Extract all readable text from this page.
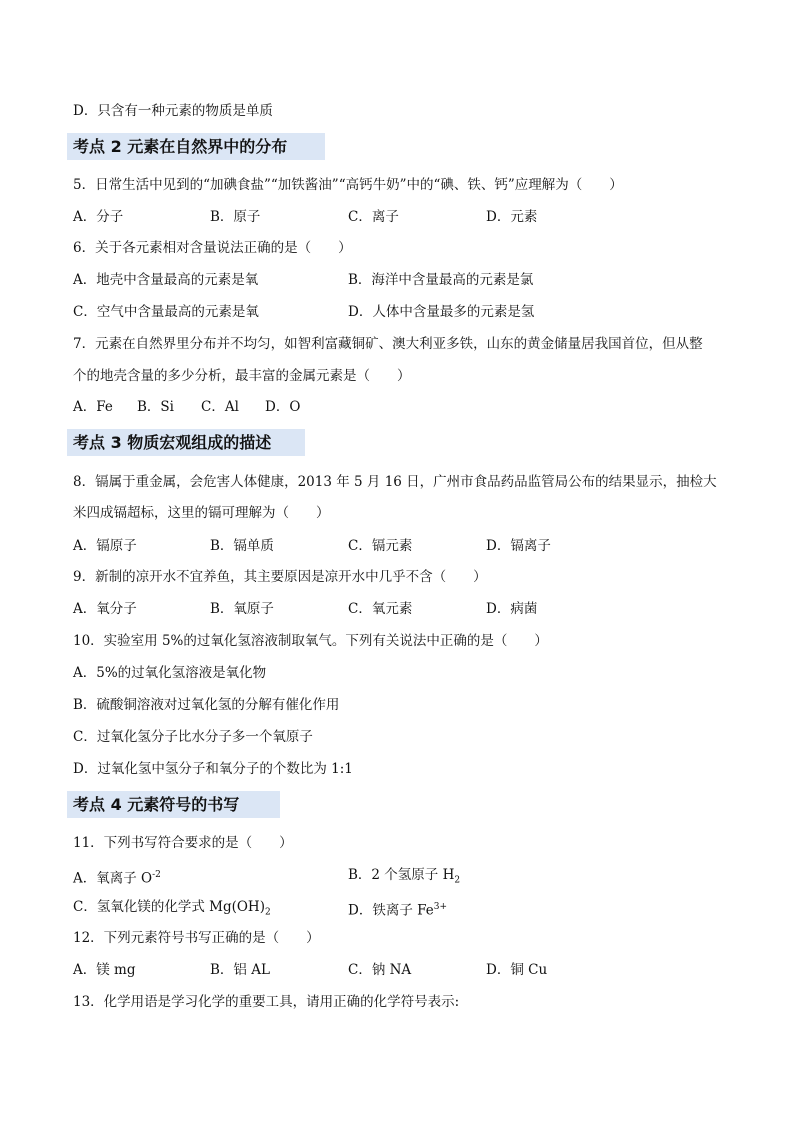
D．只含有一种元素的物质是单质
考点 2 元素在自然界中的分布
5．日常生活中见到的“加碘食盐”“加铁酱油”“高钙牛奶”中的“碘、铁、钙”应理解为（　　）
A．分子	B．原子	C．离子	D．元素
6．关于各元素相对含量说法正确的是（　　）
A．地壳中含量最高的元素是氧	B．海洋中含量最高的元素是氯
C．空气中含量最高的元素是氧	D．人体中含量最多的元素是氢
7．元素在自然界里分布并不均匀，如智利富藏铜矿、澳大利亚多铁，山东的黄金储量居我国首位，但从整
个的地壳含量的多少分析，最丰富的金属元素是（　　）
A．Fe B．Si C．Al D．O
考点 3 物质宏观组成的描述
8．镉属于重金属，会危害人体健康，2013 年 5 月 16 日，广州市食品药品监管局公布的结果显示，抽检大
米四成镉超标，这里的镉可理解为（　　）
A．镉原子	B．镉单质	C．镉元素	D．镉离子
9．新制的凉开水不宜养鱼，其主要原因是凉开水中几乎不含（　　）
A．氧分子	B．氧原子	C．氧元素	D．病菌
10．实验室用 5%的过氧化氢溶液制取氧气。下列有关说法中正确的是（　　）
A．5%的过氧化氢溶液是氧化物
B．硫酸铜溶液对过氧化氢的分解有催化作用
C．过氧化氢分子比水分子多一个氧原子
D．过氧化氢中氢分子和氧分子的个数比为 1:1
考点 4 元素符号的书写
11．下列书写符合要求的是（　　）
A．氧离子 $O^{-2}$	B．2 个氢原子 $H_2$
C．氢氧化镁的化学式 $Mg(OH)_2$	D．铁离子 $Fe^{3+}$
12．下列元素符号书写正确的是（　　）
A．镁 mg	B．铝 AL	C．钠 NA	D．铜 Cu
13．化学用语是学习化学的重要工具，请用正确的化学符号表示:
